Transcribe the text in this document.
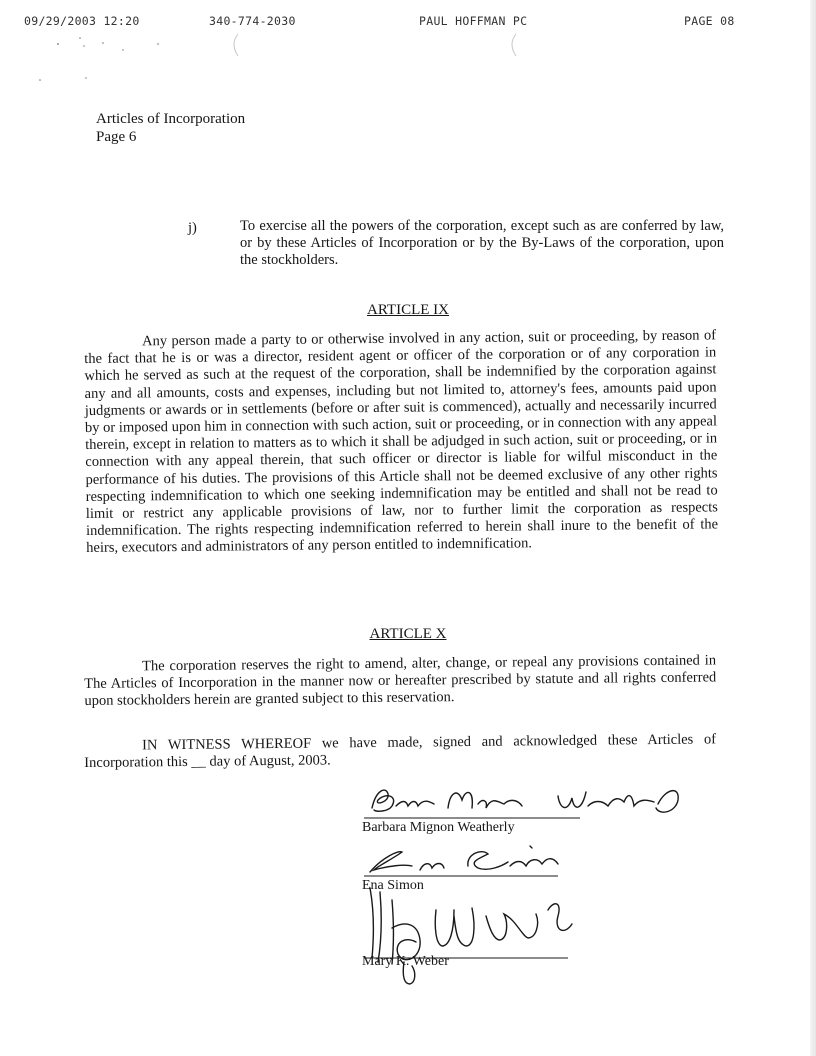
09/29/2003 12:20	340-774-2030	PAUL HOFFMAN PC	PAGE 08
Articles of Incorporation
Page 6
j)	To exercise all the powers of the corporation, except such as are conferred by law, or by these Articles of Incorporation or by the By-Laws of the corporation, upon the stockholders.
ARTICLE IX
Any person made a party to or otherwise involved in any action, suit or proceeding, by reason of the fact that he is or was a director, resident agent or officer of the corporation or of any corporation in which he served as such at the request of the corporation, shall be indemnified by the corporation against any and all amounts, costs and expenses, including but not limited to, attorney's fees, amounts paid upon judgments or awards or in settlements (before or after suit is commenced), actually and necessarily incurred by or imposed upon him in connection with such action, suit or proceeding, or in connection with any appeal therein, except in relation to matters as to which it shall be adjudged in such action, suit or proceeding, or in connection with any appeal therein, that such officer or director is liable for wilful misconduct in the performance of his duties. The provisions of this Article shall not be deemed exclusive of any other rights respecting indemnification to which one seeking indemnification may be entitled and shall not be read to limit or restrict any applicable provisions of law, nor to further limit the corporation as respects indemnification. The rights respecting indemnification referred to herein shall inure to the benefit of the heirs, executors and administrators of any person entitled to indemnification.
ARTICLE X
The corporation reserves the right to amend, alter, change, or repeal any provisions contained in The Articles of Incorporation in the manner now or hereafter prescribed by statute and all rights conferred upon stockholders herein are granted subject to this reservation.
IN WITNESS WHEREOF we have made, signed and acknowledged these Articles of Incorporation this __ day of August, 2003.
Barbara Mignon Weatherly
Ena Simon
Mary K. Weber
